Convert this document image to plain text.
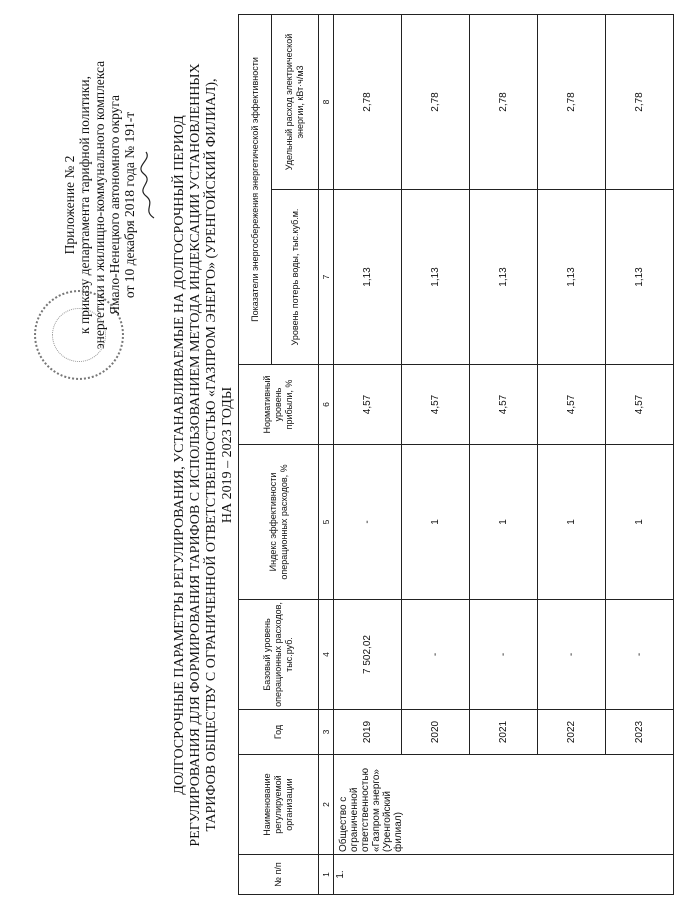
Приложение № 2 к приказу департамента тарифной политики, энергетики и жилищно-коммунального комплекса Ямало-Ненецкого автономного округа от 10 декабря 2018 года № 191-т	ДОЛГОСРОЧНЫЕ ПАРАМЕТРЫ РЕГУЛИРОВАНИЯ, УСТАНАВЛИВАЕМЫЕ НА ДОЛГОСРОЧНЫЙ ПЕРИОД РЕГУЛИРОВАНИЯ ДЛЯ ФОРМИРОВАНИЯ ТАРИФОВ С ИСПОЛЬЗОВАНИЕМ МЕТОДА ИНДЕКСАЦИИ УСТАНОВЛЕННЫХ ТАРИФОВ ОБЩЕСТВУ С ОГРАНИЧЕННОЙ ОТВЕТСТВЕННОСТЬЮ «ГАЗПРОМ ЭНЕРГО» (УРЕНГОЙСКИЙ ФИЛИАЛ), НА 2019 – 2023 ГОДЫ
№ п/п	Наименование регулируемой организации	Год	Базовый уровень операционных расходов, тыс.руб.	Индекс эффективности операционных расходов, %	Нормативный уровень прибыли, %	Показатели энергосбережения энергетической эффективности	
						Уровень потерь воды, тыс.куб.м.	Удельный расход электрической энергии, кВт·ч/м3
1	2	3	4	5	6	7	8
1.	Общество с ограниченной ответственностью «Газпром энерго» (Уренгойский филиал)	2019	7 502,02	-	4,57	1,13	2,78
		2020	-	1	4,57	1,13	2,78
		2021	-	1	4,57	1,13	2,78
		2022	-	1	4,57	1,13	2,78
		2023	-	1	4,57	1,13	2,78
